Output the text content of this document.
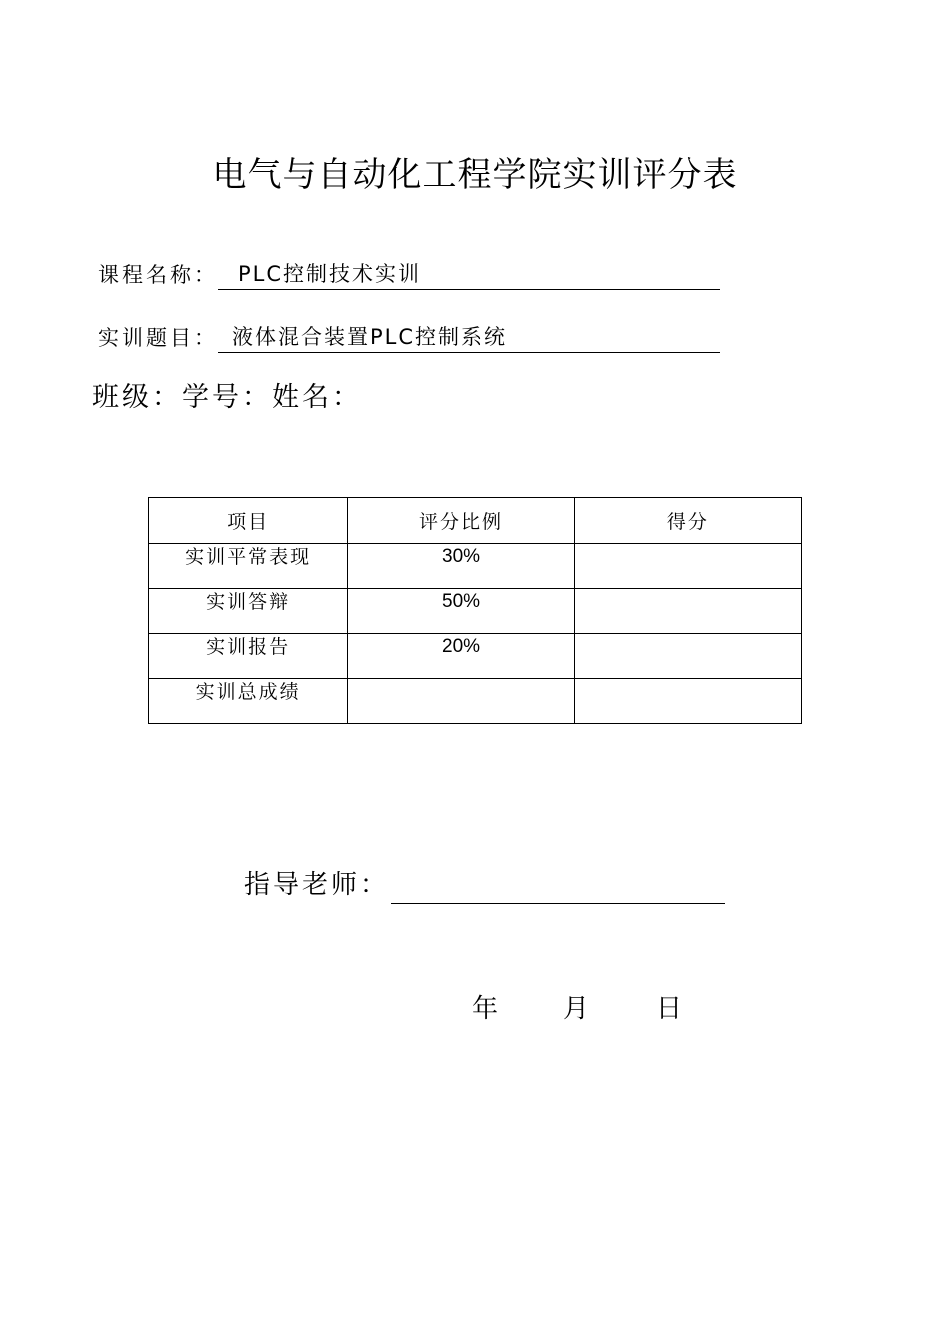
电气与自动化工程学院实训评分表
课程名称： PLC控制技术实训
实训题目： 液体混合装置PLC控制系统
班级：学号：姓名：
项目	评分比例	得分

实训平常表现	30%	

实训答辩	50%	

实训报告	20%	

实训总成绩		

指导老师：
年 月	日
